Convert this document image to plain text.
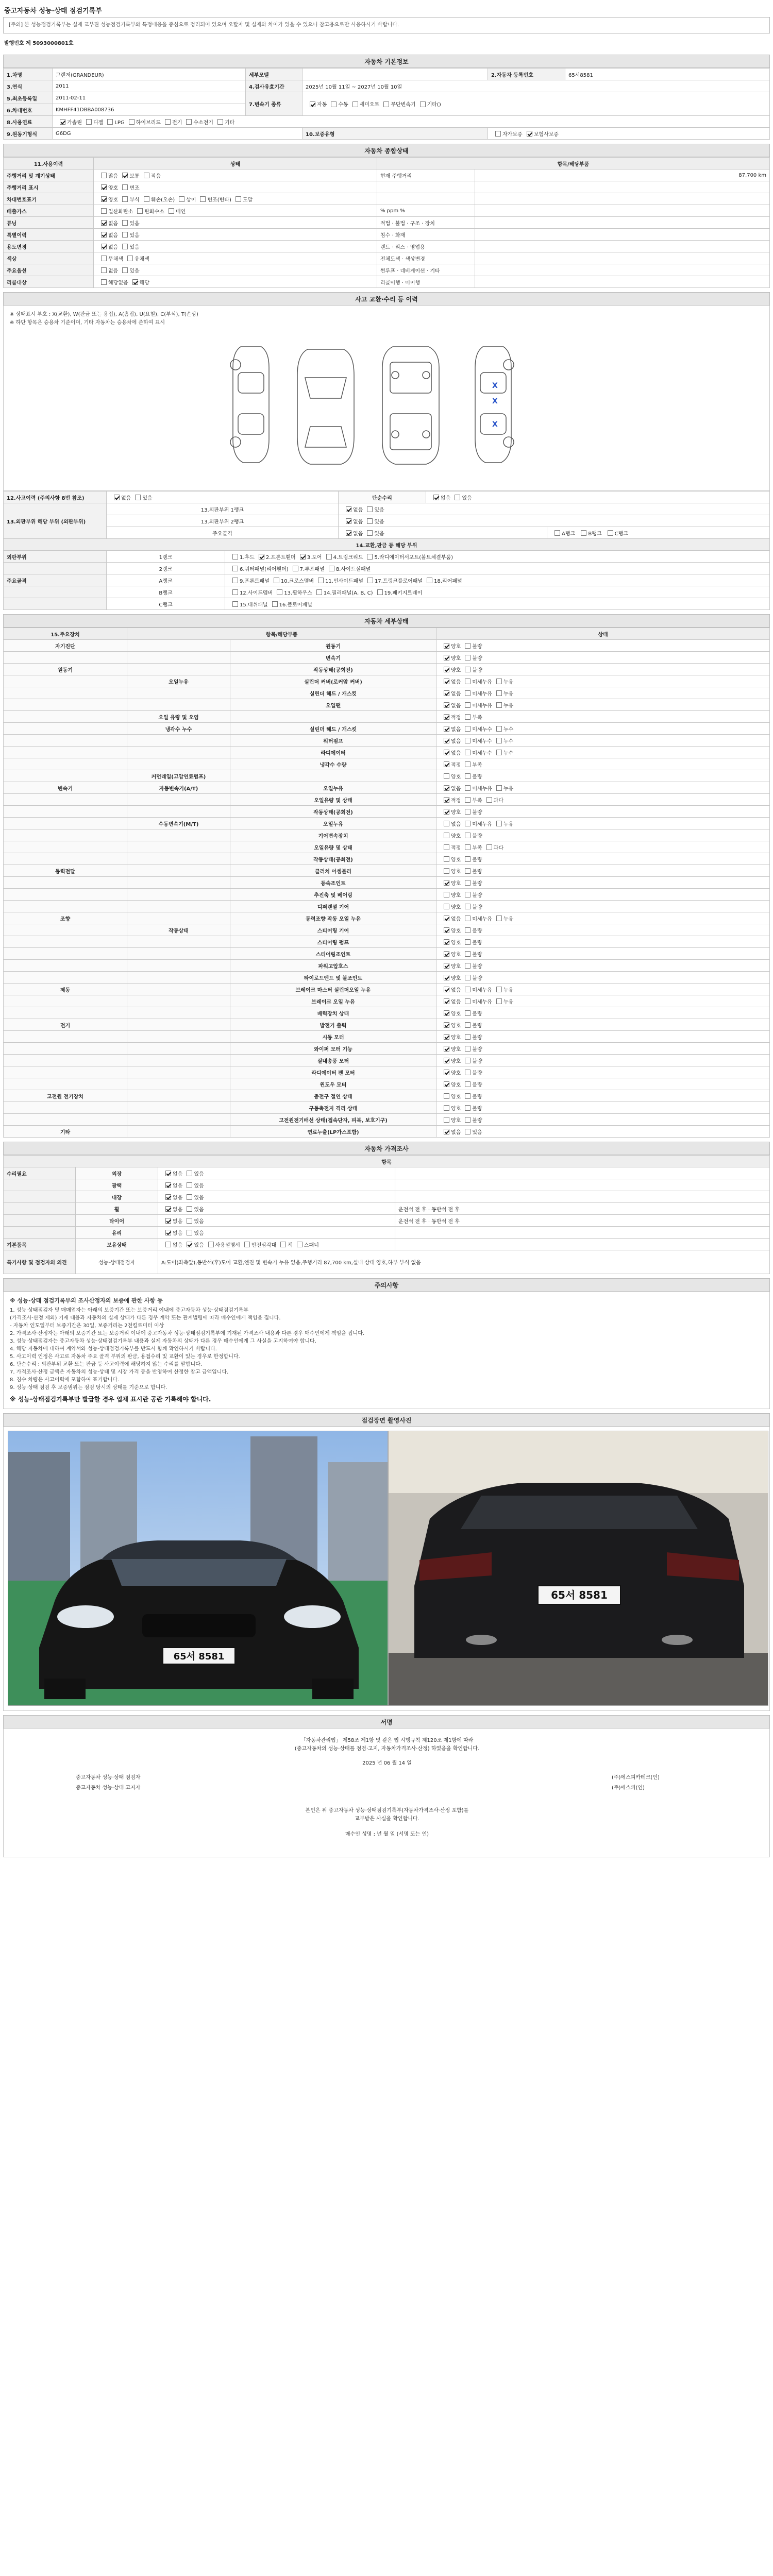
중고자동차 성능·상태 점검기록부
[주의] 본 성능점검기록부는 실제 교부된 성능점검기록부와 특정내용을 중심으로 정리되어 있으며 오탈자 및 실제와 차이가 있을 수 있으니 참고용으로만 사용하시기 바랍니다.
발행번호 제 5093000801호
자동차 기본정보
1.차명	그랜저(GRANDEUR)	세부모델		2.자동차 등록번호	65서8581
3.연식	2011	4.검사유효기간	2025년 10월 11일 ~ 2027년 10월 10일		
5.최초등록일	2011-02-11	7.변속기 종류	자동 수동 세미오토 무단변속기 기타()		
6.차대번호	KMHFF41DBBA008736				
8.사용연료	가솔린 디젤 LPG 하이브리드 전기 수소전기 기타				
9.원동기형식	G6DG		10.보증유형	자가보증 보험사보증	
자동차 종합상태
11.사용이력	상태	항목/해당부품	
주행거리 및 계기상태	많음 보통 적음	현재 주행거리	87,700 km
주행거리 표시	양호 변조		
차대번호표기	양호 부식 훼손(오손) 상이 변조(변타) 도말		
배출가스	일산화탄소 탄화수소 매연	% ppm %	
튜닝	없음 있음	적법 · 불법 · 구조 · 장치	
특별이력	없음 있음	침수 · 화재	
용도변경	없음 있음	렌트 · 리스 · 영업용	
색상	무채색 유채색	전체도색 · 색상변경	
주요옵션	없음 있음	썬루프 · 네비게이션 · 기타	
리콜대상	해당없음 해당	리콜이행 · 미이행	
사고 교환·수리 등 이력
※ 상태표시 부호 : X(교환), W(판금 또는 용접), A(흠집), U(요철), C(부식), T(손상)
※ 하단 항목은 승용차 기준이며, 기타 자동차는 승용차에 준하여 표시
X
X
X
12.사고이력 (주의사항 8번 참조)	없음 있음		단순수리	없음 있음	
13.외판부위 해당 부위 (외판부위)	13.외판부위 1랭크		없음 있음		
	13.외판부위 2랭크		없음 있음		
	주요골격		없음 있음		A랭크 B랭크 C랭크
14.교환,판금 등 해당 부위					
외판부위	1랭크	1.후드 2.프론트휀더 3.도어 4.트렁크리드 5.라디에이터서포트(볼트체결부품)			
	2랭크	6.쿼터패널(리어휀더) 7.루프패널 8.사이드실패널			
주요골격	A랭크	9.프론트패널 10.크로스멤버 11.인사이드패널 17.트렁크플로어패널 18.리어패널			
	B랭크	12.사이드멤버 13.휠하우스 14.필러패널(A, B, C) 19.패키지트레이			
	C랭크	15.대쉬패널 16.플로어패널			
자동차 세부상태
15.주요장치	항목/해당부품		상태
자기진단		원동기	양호 불량
		변속기	양호 불량
원동기		작동상태(공회전)	양호 불량
	오일누유	실린더 커버(로커암 커버)	없음 미세누유 누유
		실린더 헤드 / 개스킷	없음 미세누유 누유
		오일팬	없음 미세누유 누유
	오일 유량 및 오염		적정 부족
	냉각수 누수	실린더 헤드 / 개스킷	없음 미세누수 누수
		워터펌프	없음 미세누수 누수
		라디에이터	없음 미세누수 누수
		냉각수 수량	적정 부족
	커먼레일(고압연료펌프)		양호 불량
변속기	자동변속기(A/T)	오일누유	없음 미세누유 누유
		오일유량 및 상태	적정 부족 과다
		작동상태(공회전)	양호 불량
	수동변속기(M/T)	오일누유	없음 미세누유 누유
		기어변속장치	양호 불량
		오일유량 및 상태	적정 부족 과다
		작동상태(공회전)	양호 불량
동력전달		클러치 어셈블리	양호 불량
		등속조인트	양호 불량
		추진축 및 베어링	양호 불량
		디퍼렌셜 기어	양호 불량
조향		동력조향 작동 오일 누유	없음 미세누유 누유
	작동상태	스티어링 기어	양호 불량
		스티어링 펌프	양호 불량
		스티어링조인트	양호 불량
		파워고압호스	양호 불량
		타이로드엔드 및 볼조인트	양호 불량
제동		브레이크 마스터 실린더오일 누유	없음 미세누유 누유
		브레이크 오일 누유	없음 미세누유 누유
		배력장치 상태	양호 불량
전기		발전기 출력	양호 불량
		시동 모터	양호 불량
		와이퍼 모터 기능	양호 불량
		실내송풍 모터	양호 불량
		라디에이터 팬 모터	양호 불량
		윈도우 모터	양호 불량
고전원 전기장치		충전구 절연 상태	양호 불량
		구동축전지 격리 상태	양호 불량
		고전원전기배선 상태(접속단자, 피복, 보호기구)	양호 불량
기타		연료누출(LP가스포함)	없음 있음
자동차 가격조사
항목			
수리필요	외장	없음 있음	
	광택	없음 있음	
	내장	없음 있음	
	휠	없음 있음	운전석 전 후 · 동반석 전 후
	타이어	없음 있음	운전석 전 후 · 동반석 전 후
	유리	없음 있음	
기본품목	보유상태	없음 있음 사용설명서 안전삼각대 잭 스패너	
특기사항 및 점검자의 의견	성능·상태점검자	A:도어(좌측앞),동반석(후)도어 교환,엔진 및 변속기 누유 없음,주행거리 87,700 km,실내 상태 양호,하부 부식 없음	
주의사항
※ 성능·상태 점검기록부의 조사산정자의 보증에 관한 사항 등
1. 성능·상태점검자 및 매매업자는 아래의 보증기간 또는 보증거리 이내에 중고자동차 성능·상태점검기록부
(가격조사·산정 제외) 기재 내용과 자동차의 실제 상태가 다른 경우 계약 또는 관계법령에 따라 매수인에게 책임을 집니다.
- 자동차 인도일부터 보증기간은 30일, 보증거리는 2천킬로미터 이상
2. 가격조사·산정자는 아래의 보증기간 또는 보증거리 이내에 중고자동차 성능·상태점검기록부에 기재된 가격조사 내용과 다른 경우 매수인에게 책임을 집니다.
3. 성능·상태점검자는 중고자동차 성능·상태점검기록부 내용과 실제 자동차의 상태가 다른 경우 매수인에게 그 사실을 고지하여야 합니다.
4. 해당 자동차에 대하여 계약서와 성능·상태점검기록부를 반드시 함께 확인하시기 바랍니다.
5. 사고이력 인정은 사고로 자동차 주요 골격 부위의 판금, 용접수리 및 교환이 있는 경우로 한정합니다.
6. 단순수리 : 외판부위 교환 또는 판금 등 사고이력에 해당하지 않는 수리를 말합니다.
7. 가격조사·산정 금액은 자동차의 성능·상태 및 시장 가격 등을 반영하여 산정한 참고 금액입니다.
8. 침수 차량은 사고이력에 포함하여 표기합니다.
9. 성능·상태 점검 후 보증범위는 점검 당시의 상태를 기준으로 합니다.
※ 성능·상태점검기록부만 발급할 경우 업체 표시란 공란 기록해야 합니다.
점검장면 촬영사진
65서 8581
65서 8581
서명
「자동차관리법」 제58조 제1항 및 같은 법 시행규칙 제120조 제1항에 따라
(중고자동차의 성능·상태를 점검·고지, 자동차가격조사·산정) 하였음을 확인합니다.
2025 년 06 월 14 일
중고자동차 성능·상태 점검자	(주)에스피카테크(인)
중고자동차 성능·상태 고지자	(주)에스피(인)
본인은 위 중고자동차 성능·상태점검기록부(자동차가격조사·산정 포함)를
교부받은 사실을 확인합니다.
매수인 성명 : 년 월 일 (서명 또는 인)
